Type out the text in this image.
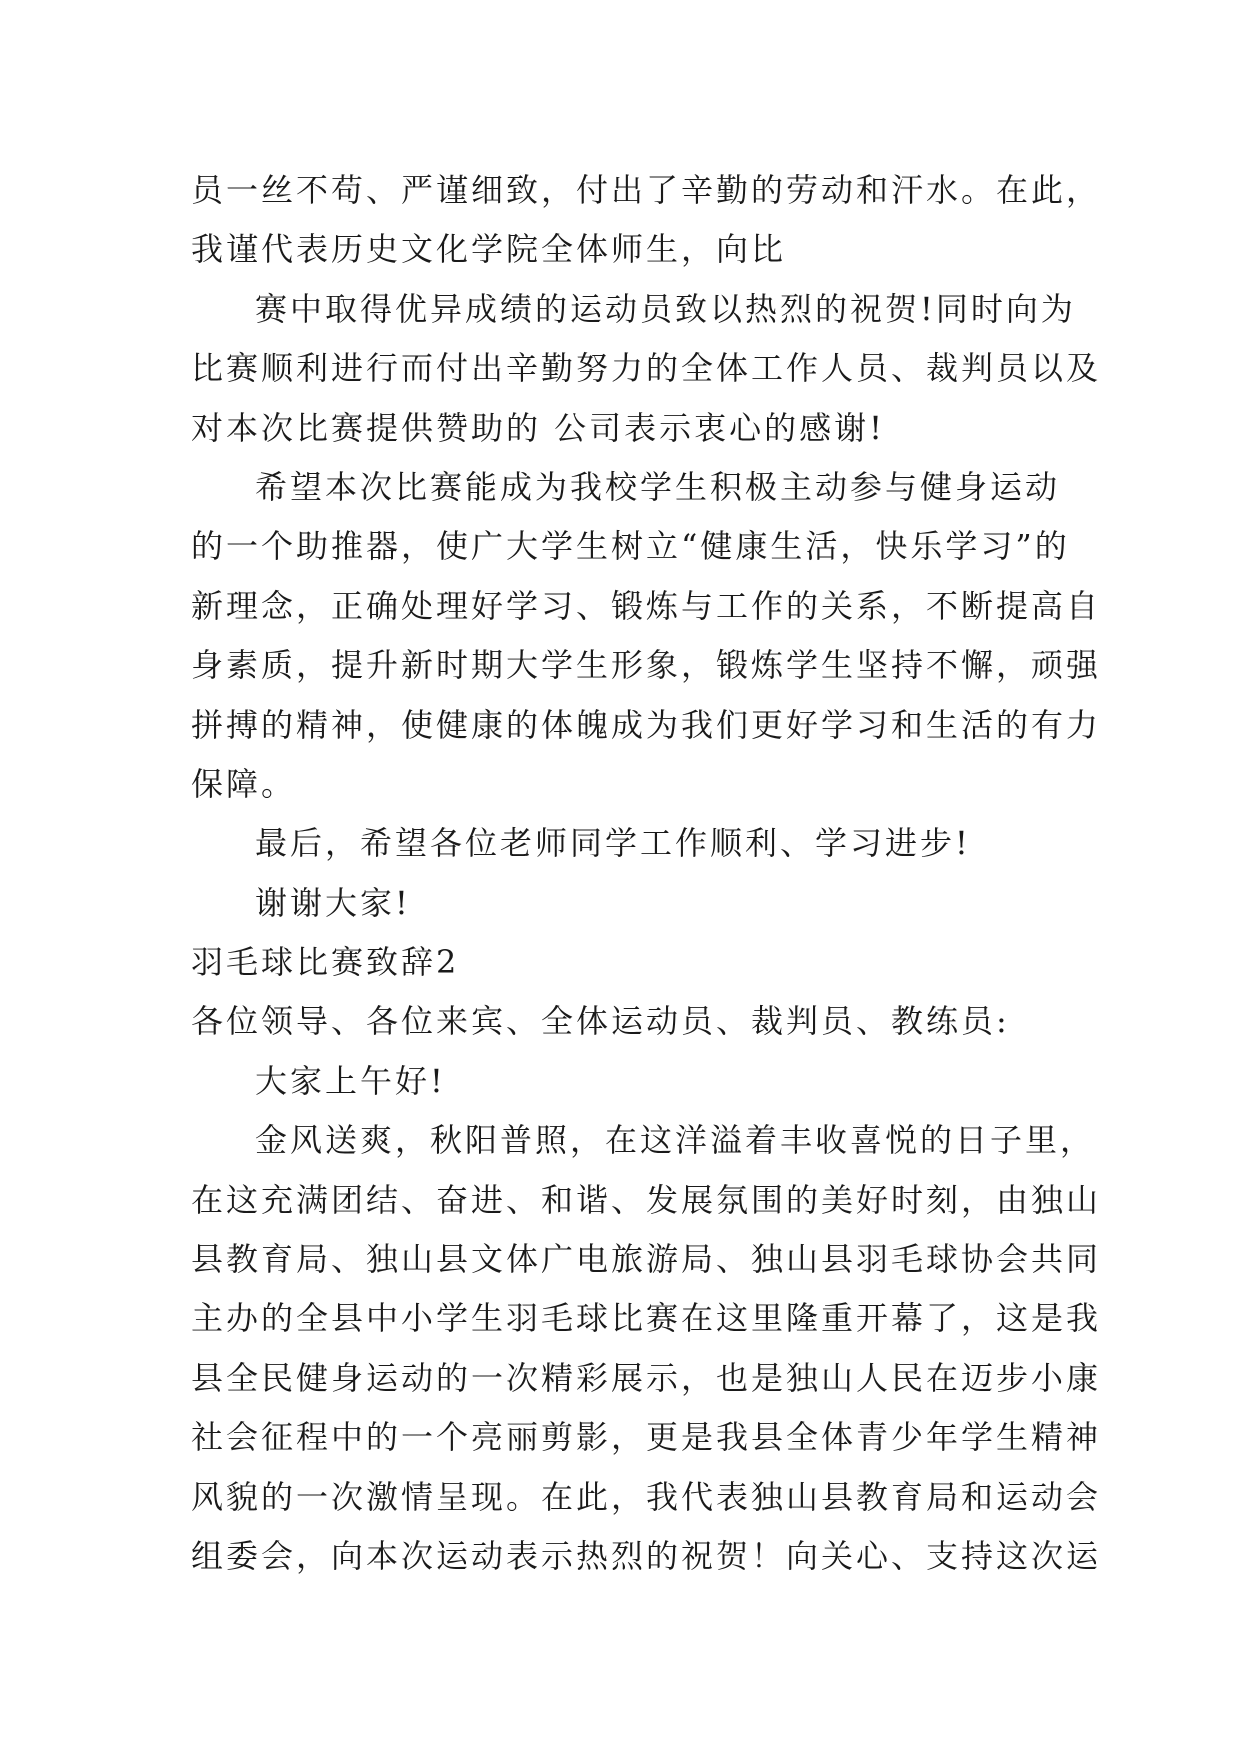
员一丝不苟、严谨细致，付出了辛勤的劳动和汗水。在此，
我谨代表历史文化学院全体师生，向比
赛中取得优异成绩的运动员致以热烈的祝贺!同时向为
比赛顺利进行而付出辛勤努力的全体工作人员、裁判员以及
对本次比赛提供赞助的 公司表示衷心的感谢!
希望本次比赛能成为我校学生积极主动参与健身运动
的一个助推器，使广大学生树立“健康生活，快乐学习”的
新理念，正确处理好学习、锻炼与工作的关系，不断提高自
身素质，提升新时期大学生形象，锻炼学生坚持不懈，顽强
拼搏的精神，使健康的体魄成为我们更好学习和生活的有力
保障。
最后，希望各位老师同学工作顺利、学习进步!
谢谢大家!
羽毛球比赛致辞2
各位领导、各位来宾、全体运动员、裁判员、教练员:
大家上午好!
金风送爽，秋阳普照，在这洋溢着丰收喜悦的日子里，
在这充满团结、奋进、和谐、发展氛围的美好时刻，由独山
县教育局、独山县文体广电旅游局、独山县羽毛球协会共同
主办的全县中小学生羽毛球比赛在这里隆重开幕了，这是我
县全民健身运动的一次精彩展示，也是独山人民在迈步小康
社会征程中的一个亮丽剪影，更是我县全体青少年学生精神
风貌的一次激情呈现。在此，我代表独山县教育局和运动会
组委会，向本次运动表示热烈的祝贺！向关心、支持这次运
